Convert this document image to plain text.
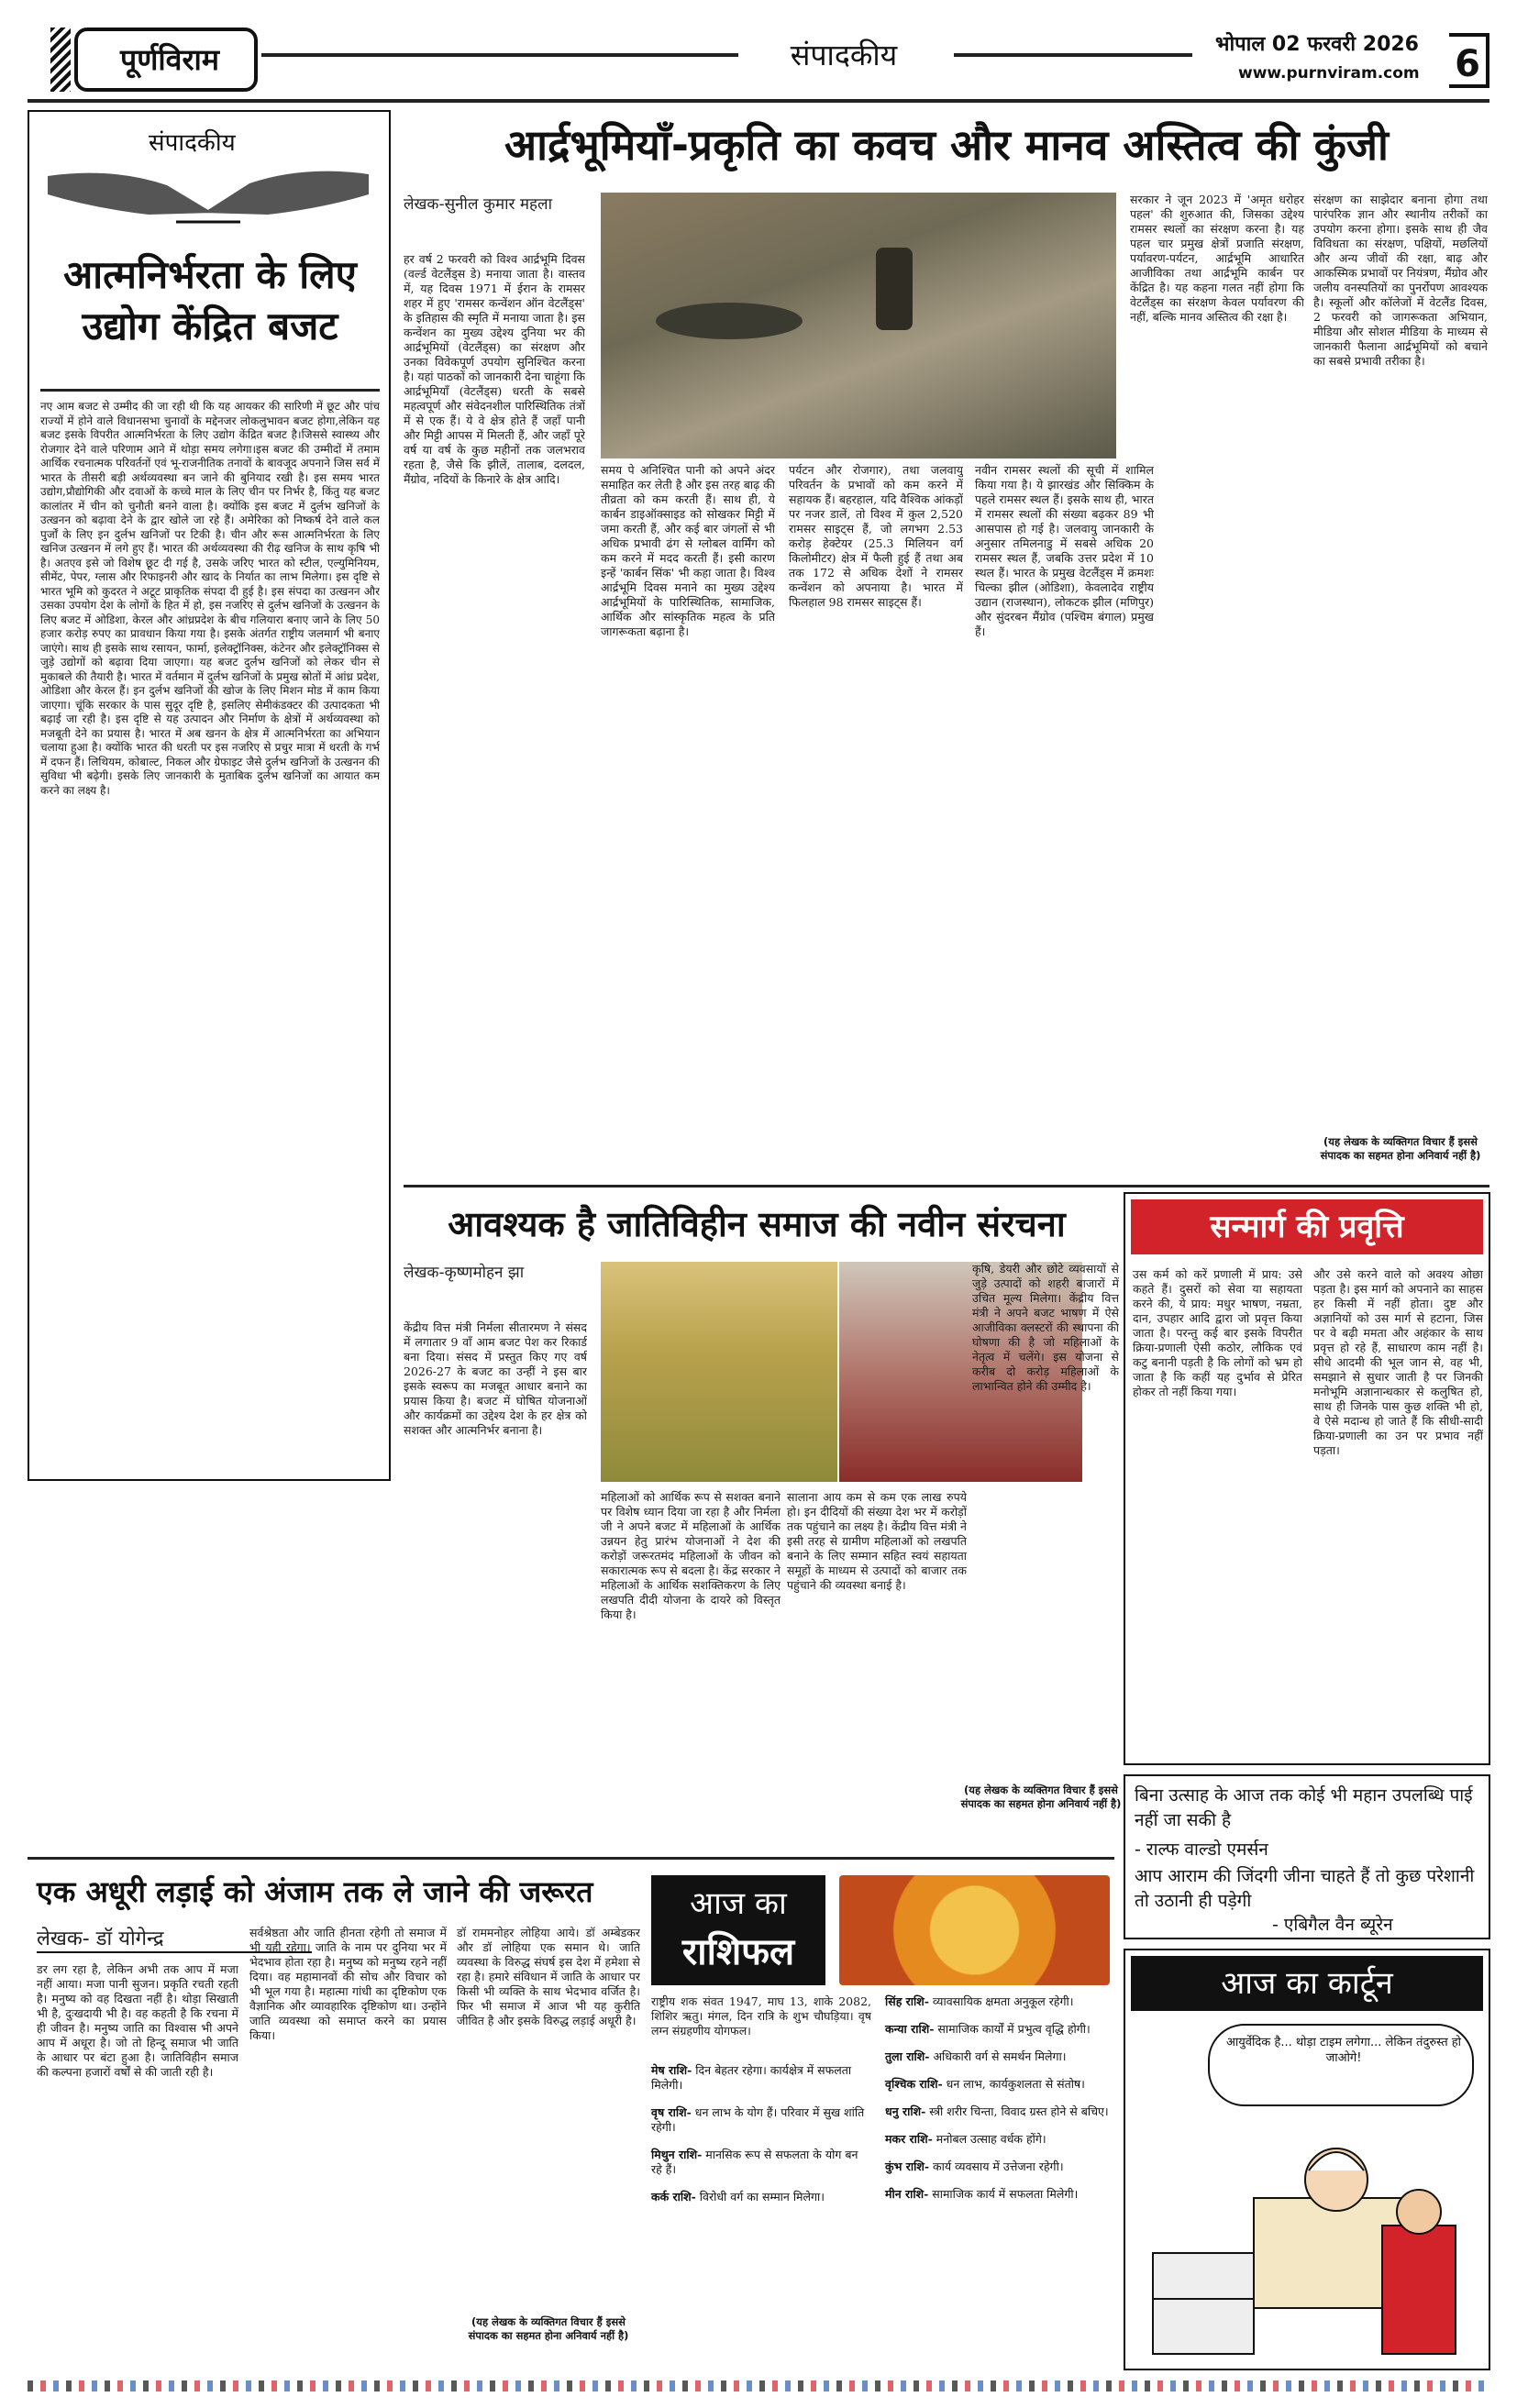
पूर्णविराम	संपादकीय	भोपाल 02 फरवरी 2026
www.purnviram.com 6
संपादकीय
आत्मनिर्भरता के लिए उद्योग केंद्रित बजट
नए आम बजट से उम्मीद की जा रही थी कि यह आयकर की सारिणी में छूट और पांच राज्यों में होने वाले विधानसभा चुनावों के मद्देनजर लोकलुभावन बजट होगा,लेकिन यह बजट इसके विपरीत आत्मनिर्भरता के लिए उद्योग केंद्रित बजट है।जिससे स्वास्थ्य और रोजगार देने वाले परिणाम आने में थोड़ा समय लगेगा।इस बजट की उम्मीदों में तमाम आर्थिक रचनात्मक परिवर्तनों एवं भू-राजनीतिक तनावों के बावजूद अपनाने जिस सर्व में भारत के तीसरी बड़ी अर्थव्यवस्था बन जाने की बुनियाद रखी है। इस समय भारत उद्योग,प्रौद्योगिकी और दवाओं के कच्चे माल के लिए चीन पर निर्भर है, किंतु यह बजट कालांतर में चीन को चुनौती बनने वाला है। क्योंकि इस बजट में दुर्लभ खनिजों के उत्खनन को बढ़ावा देने के द्वार खोले जा रहे हैं। अमेरिका को निष्कर्ष देने वाले कल पुर्जों के लिए इन दुर्लभ खनिजों पर टिकी है। चीन और रूस आत्मनिर्भरता के लिए खनिज उत्खनन में लगे हुए हैं। भारत की अर्थव्यवस्था की रीढ़ खनिज के साथ कृषि भी है। अतएव इसे जो विशेष छूट दी गई है, उसके जरिए भारत को स्टील, एल्युमिनियम, सीमेंट, पेपर, ग्लास और रिफाइनरी और खाद के निर्यात का लाभ मिलेगा। इस दृष्टि से भारत भूमि को कुदरत ने अटूट प्राकृतिक संपदा दी हुई है। इस संपदा का उत्खनन और उसका उपयोग देश के लोगों के हित में हो, इस नजरिए से दुर्लभ खनिजों के उत्खनन के लिए बजट में ओडिशा, केरल और आंध्रप्रदेश के बीच गलियारा बनाए जाने के लिए 50 हजार करोड़ रुपए का प्रावधान किया गया है। इसके अंतर्गत राष्ट्रीय जलमार्ग भी बनाए जाएंगे। साथ ही इसके साथ रसायन, फार्मा, इलेक्ट्रॉनिक्स, कंटेनर और इलेक्ट्रॉनिक्स से जुड़े उद्योगों को बढ़ावा दिया जाएगा। यह बजट दुर्लभ खनिजों को लेकर चीन से मुकाबले की तैयारी है। भारत में वर्तमान में दुर्लभ खनिजों के प्रमुख स्रोतों में आंध्र प्रदेश, ओडिशा और केरल हैं। इन दुर्लभ खनिजों की खोज के लिए मिशन मोड में काम किया जाएगा। चूंकि सरकार के पास सुदूर दृष्टि है, इसलिए सेमीकंडक्टर की उत्पादकता भी बढ़ाई जा रही है। इस दृष्टि से यह उत्पादन और निर्माण के क्षेत्रों में अर्थव्यवस्था को मजबूती देने का प्रयास है। भारत में अब खनन के क्षेत्र में आत्मनिर्भरता का अभियान चलाया हुआ है। क्योंकि भारत की धरती पर इस नजरिए से प्रचुर मात्रा में धरती के गर्भ में दफन हैं। लिथियम, कोबाल्ट, निकल और ग्रेफाइट जैसे दुर्लभ खनिजों के उत्खनन की सुविधा भी बढ़ेगी। इसके लिए जानकारी के मुताबिक दुर्लभ खनिजों का आयात कम करने का लक्ष्य है।
आर्द्रभूमियाँ-प्रकृति का कवच और मानव अस्तित्व की कुंजी
लेखक-सुनील कुमार महला
हर वर्ष 2 फरवरी को विश्व आर्द्रभूमि दिवस (वर्ल्ड वेटलैंड्स डे) मनाया जाता है। वास्तव में, यह दिवस 1971 में ईरान के रामसर शहर में हुए 'रामसर कन्वेंशन ऑन वेटलैंड्स' के इतिहास की स्मृति में मनाया जाता है। इस कन्वेंशन का मुख्य उद्देश्य दुनिया भर की आर्द्रभूमियों (वेटलैंड्स) का संरक्षण और उनका विवेकपूर्ण उपयोग सुनिश्चित करना है। यहां पाठकों को जानकारी देना चाहूंगा कि आर्द्रभूमियाँ (वेटलैंड्स) धरती के सबसे महत्वपूर्ण और संवेदनशील पारिस्थितिक तंत्रों में से एक हैं। ये वे क्षेत्र होते हैं जहाँ पानी और मिट्टी आपस में मिलती हैं, और जहाँ पूरे वर्ष या वर्ष के कुछ महीनों तक जलभराव रहता है, जैसे कि झीलें, तालाब, दलदल, मैंग्रोव, नदियों के किनारे के क्षेत्र आदि।
समय पे अनिश्चित पानी को अपने अंदर समाहित कर लेती है और इस तरह बाढ़ की तीव्रता को कम करती हैं। साथ ही, ये कार्बन डाइऑक्साइड को सोखकर मिट्टी में जमा करती हैं, और कई बार जंगलों से भी अधिक प्रभावी ढंग से ग्लोबल वार्मिंग को कम करने में मदद करती हैं। इसी कारण इन्हें 'कार्बन सिंक' भी कहा जाता है। विश्व आर्द्रभूमि दिवस मनाने का मुख्य उद्देश्य आर्द्रभूमियों के पारिस्थितिक, सामाजिक, आर्थिक और सांस्कृतिक महत्व के प्रति जागरूकता बढ़ाना है।
पर्यटन और रोजगार), तथा जलवायु परिवर्तन के प्रभावों को कम करने में सहायक हैं। बहरहाल, यदि वैश्विक आंकड़ों पर नजर डालें, तो विश्व में कुल 2,520 रामसर साइट्स हैं, जो लगभग 2.53 करोड़ हेक्टेयर (25.3 मिलियन वर्ग किलोमीटर) क्षेत्र में फैली हुई हैं तथा अब तक 172 से अधिक देशों ने रामसर कन्वेंशन को अपनाया है। भारत में फिलहाल 98 रामसर साइट्स हैं।
नवीन रामसर स्थलों की सूची में शामिल किया गया है। ये झारखंड और सिक्किम के पहले रामसर स्थल हैं। इसके साथ ही, भारत में रामसर स्थलों की संख्या बढ़कर 89 भी आसपास हो गई है। जलवायु जानकारी के अनुसार तमिलनाडु में सबसे अधिक 20 रामसर स्थल हैं, जबकि उत्तर प्रदेश में 10 स्थल हैं। भारत के प्रमुख वेटलैंड्स में क्रमशः चिल्का झील (ओडिशा), केवलादेव राष्ट्रीय उद्यान (राजस्थान), लोकटक झील (मणिपुर) और सुंदरबन मैंग्रोव (पश्चिम बंगाल) प्रमुख हैं।
सरकार ने जून 2023 में 'अमृत धरोहर पहल' की शुरुआत की, जिसका उद्देश्य रामसर स्थलों का संरक्षण करना है। यह पहल चार प्रमुख क्षेत्रों प्रजाति संरक्षण, पर्यावरण-पर्यटन, आर्द्रभूमि आधारित आजीविका तथा आर्द्रभूमि कार्बन पर केंद्रित है। यह कहना गलत नहीं होगा कि वेटलैंड्स का संरक्षण केवल पर्यावरण की नहीं, बल्कि मानव अस्तित्व की रक्षा है।
संरक्षण का साझेदार बनाना होगा तथा पारंपरिक ज्ञान और स्थानीय तरीकों का उपयोग करना होगा। इसके साथ ही जैव विविधता का संरक्षण, पक्षियों, मछलियों और अन्य जीवों की रक्षा, बाढ़ और आकस्मिक प्रभावों पर नियंत्रण, मैंग्रोव और जलीय वनस्पतियों का पुनर्रोपण आवश्यक है। स्कूलों और कॉलेजों में वेटलैंड दिवस, 2 फरवरी को जागरूकता अभियान, मीडिया और सोशल मीडिया के माध्यम से जानकारी फैलाना आर्द्रभूमियों को बचाने का सबसे प्रभावी तरीका है।
(यह लेखक के व्यक्तिगत विचार हैं इससे संपादक का सहमत होना अनिवार्य नहीं है)
आवश्यक है जातिविहीन समाज की नवीन संरचना
लेखक-कृष्णमोहन झा
केंद्रीय वित्त मंत्री निर्मला सीतारमण ने संसद में लगातार 9 वाँ आम बजट पेश कर रिकार्ड बना दिया। संसद में प्रस्तुत किए गए वर्ष 2026-27 के बजट का उन्हीं ने इस बार इसके स्वरूप का मजबूत आधार बनाने का प्रयास किया है। बजट में घोषित योजनाओं और कार्यक्रमों का उद्देश्य देश के हर क्षेत्र को सशक्त और आत्मनिर्भर बनाना है।
महिलाओं को आर्थिक रूप से सशक्त बनाने पर विशेष ध्यान दिया जा रहा है और निर्मला जी ने अपने बजट में महिलाओं के आर्थिक उन्नयन हेतु प्रारंभ योजनाओं ने देश की करोड़ों जरूरतमंद महिलाओं के जीवन को सकारात्मक रूप से बदला है। केंद्र सरकार ने महिलाओं के आर्थिक सशक्तिकरण के लिए लखपति दीदी योजना के दायरे को विस्तृत किया है।
सालाना आय कम से कम एक लाख रुपये हो। इन दीदियों की संख्या देश भर में करोड़ों तक पहुंचाने का लक्ष्य है। केंद्रीय वित्त मंत्री ने इसी तरह से ग्रामीण महिलाओं को लखपति बनाने के लिए सम्मान सहित स्वयं सहायता समूहों के माध्यम से उत्पादों को बाजार तक पहुंचाने की व्यवस्था बनाई है।
कृषि, डेयरी और छोटे व्यवसायों से जुड़े उत्पादों को शहरी बाजारों में उचित मूल्य मिलेगा। केंद्रीय वित्त मंत्री ने अपने बजट भाषण में ऐसे आजीविका क्लस्टरों की स्थापना की घोषणा की है जो महिलाओं के नेतृत्व में चलेंगे। इस योजना से करीब दो करोड़ महिलाओं के लाभान्वित होने की उम्मीद है।
(यह लेखक के व्यक्तिगत विचार हैं इससे संपादक का सहमत होना अनिवार्य नहीं है)
सन्मार्ग की प्रवृत्ति
उस कर्म को करें प्रणाली में प्राय: उसे कहते हैं। दुसरों को सेवा या सहायता करने की, ये प्राय: मधुर भाषण, नम्रता, दान, उपहार आदि द्वारा जो प्रवृत्त किया जाता है। परन्तु कई बार इसके विपरीत क्रिया-प्रणाली ऐसी कठोर, लौकिक एवं कटु बनानी पड़ती है कि लोगों को भ्रम हो जाता है कि कहीं यह दुर्भाव से प्रेरित होकर तो नहीं किया गया।
और उसे करने वाले को अवश्य ओछा पड़ता है। इस मार्ग को अपनाने का साहस हर किसी में नहीं होता। दुष्ट और अज्ञानियों को उस मार्ग से हटाना, जिस पर वे बढ़ी ममता और अहंकार के साथ प्रवृत्त हो रहे हैं, साधारण काम नहीं है। सीधे आदमी की भूल जान से, वह भी, समझाने से सुधार जाती है पर जिनकी मनोभूमि अज्ञानान्धकार से कलुषित हो, साथ ही जिनके पास कुछ शक्ति भी हो, वे ऐसे मदान्ध हो जाते हैं कि सीधी-सादी क्रिया-प्रणाली का उन पर प्रभाव नहीं पड़ता।
बिना उत्साह के आज तक कोई भी महान उपलब्धि पाई नहीं जा सकी है
- राल्फ वाल्डो एमर्सन
आप आराम की जिंदगी जीना चाहते हैं तो कुछ परेशानी तो उठानी ही पड़ेगी
- एबिगैल वैन ब्यूरेन
आज का कार्टून
आयुर्वेदिक है... थोड़ा टाइम लगेगा... लेकिन तंदुरुस्त हो जाओगे!
एक अधूरी लड़ाई को अंजाम तक ले जाने की जरूरत
लेखक- डॉ योगेन्द्र
डर लग रहा है, लेकिन अभी तक आप में मजा नहीं आया। मजा पानी सुजन। प्रकृति रचती रहती है। मनुष्य को वह दिखता नहीं है। थोड़ा सिखाती भी है, दुःखदायी भी है। वह कहती है कि रचना में ही जीवन है। मनुष्य जाति का विश्वास भी अपने आप में अधूरा है। जो तो हिन्दू समाज भी जाति के आधार पर बंटा हुआ है। जातिविहीन समाज की कल्पना हजारों वर्षों से की जाती रही है।
सर्वश्रेष्ठता और जाति हीनता रहेगी तो समाज में भी यही रहेगा। जाति के नाम पर दुनिया भर में भेदभाव होता रहा है। मनुष्य को मनुष्य रहने नहीं दिया। वह महामानवों की सोच और विचार को भी भूल गया है। महात्मा गांधी का दृष्टिकोण एक वैज्ञानिक और व्यावहारिक दृष्टिकोण था। उन्होंने जाति व्यवस्था को समाप्त करने का प्रयास किया।
डॉ राममनोहर लोहिया आये। डॉ अम्बेडकर और डॉ लोहिया एक समान थे। जाति व्यवस्था के विरुद्ध संघर्ष इस देश में हमेशा से रहा है। हमारे संविधान में जाति के आधार पर किसी भी व्यक्ति के साथ भेदभाव वर्जित है। फिर भी समाज में आज भी यह कुरीति जीवित है और इसके विरुद्ध लड़ाई अधूरी है।
(यह लेखक के व्यक्तिगत विचार हैं इससे संपादक का सहमत होना अनिवार्य नहीं है)
आज का
राशिफल
राष्ट्रीय शक संवत 1947, माघ 13, शाके 2082, शिशिर ऋतु। मंगल, दिन रात्रि के शुभ चौघड़िया। वृष लग्न संग्रहणीय योगफल।
मेष राशि- दिन बेहतर रहेगा। कार्यक्षेत्र में सफलता मिलेगी।
वृष राशि- धन लाभ के योग हैं। परिवार में सुख शांति रहेगी।
मिथुन राशि- मानसिक रूप से सफलता के योग बन रहे हैं।
कर्क राशि- विरोधी वर्ग का सम्मान मिलेगा।
सिंह राशि- व्यावसायिक क्षमता अनुकूल रहेगी।
कन्या राशि- सामाजिक कार्यों में प्रभुत्व वृद्धि होगी।
तुला राशि- अधिकारी वर्ग से समर्थन मिलेगा।
वृश्चिक राशि- धन लाभ, कार्यकुशलता से संतोष।
धनु राशि- स्त्री शरीर चिन्ता, विवाद ग्रस्त होने से बचिए।
मकर राशि- मनोबल उत्साह वर्धक होंगे।
कुंभ राशि- कार्य व्यवसाय में उत्तेजना रहेगी।
मीन राशि- सामाजिक कार्य में सफलता मिलेगी।
